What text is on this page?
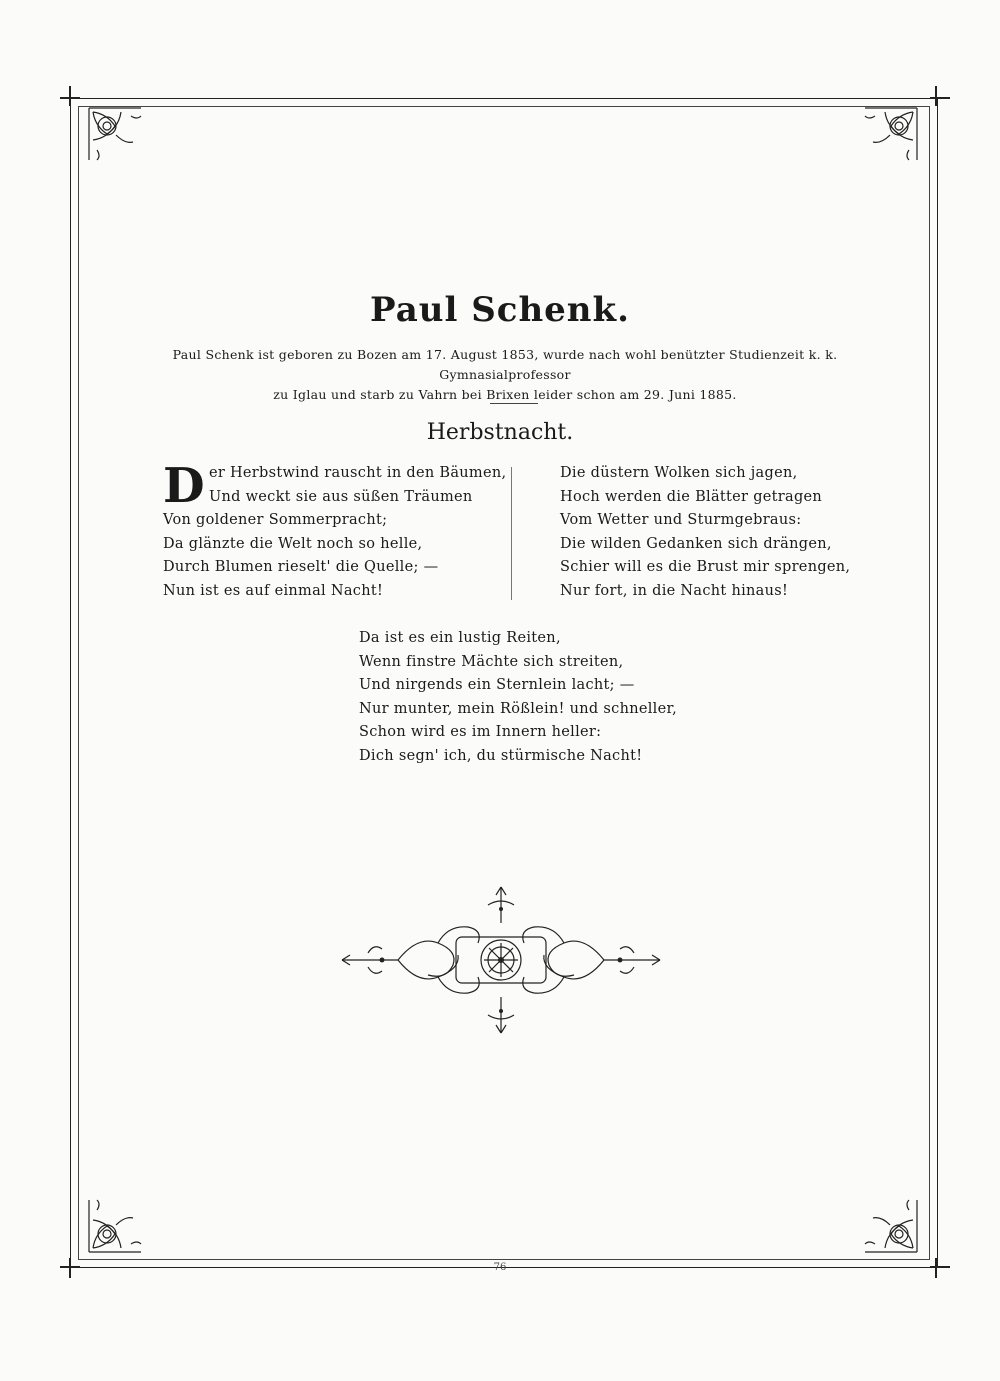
Paul Schenk.
Paul Schenk ist geboren zu Bozen am 17. August 1853, wurde nach wohl benützter Studienzeit k. k. Gymnasialprofessor
zu Iglau und starb zu Vahrn bei Brixen leider schon am 29. Juni 1885.
Herbstnacht.
D er Herbstwind rauscht in den Bäumen,
Und weckt sie aus süßen Träumen
Von goldener Sommerpracht;
Da glänzte die Welt noch so helle,
Durch Blumen rieselt' die Quelle; —
Nun ist es auf einmal Nacht!
Die düstern Wolken sich jagen,
Hoch werden die Blätter getragen
Vom Wetter und Sturmgebraus:
Die wilden Gedanken sich drängen,
Schier will es die Brust mir sprengen,
Nur fort, in die Nacht hinaus!
Da ist es ein lustig Reiten,
Wenn finstre Mächte sich streiten,
Und nirgends ein Sternlein lacht; —
Nur munter, mein Rößlein! und schneller,
Schon wird es im Innern heller:
Dich segn' ich, du stürmische Nacht!
76
